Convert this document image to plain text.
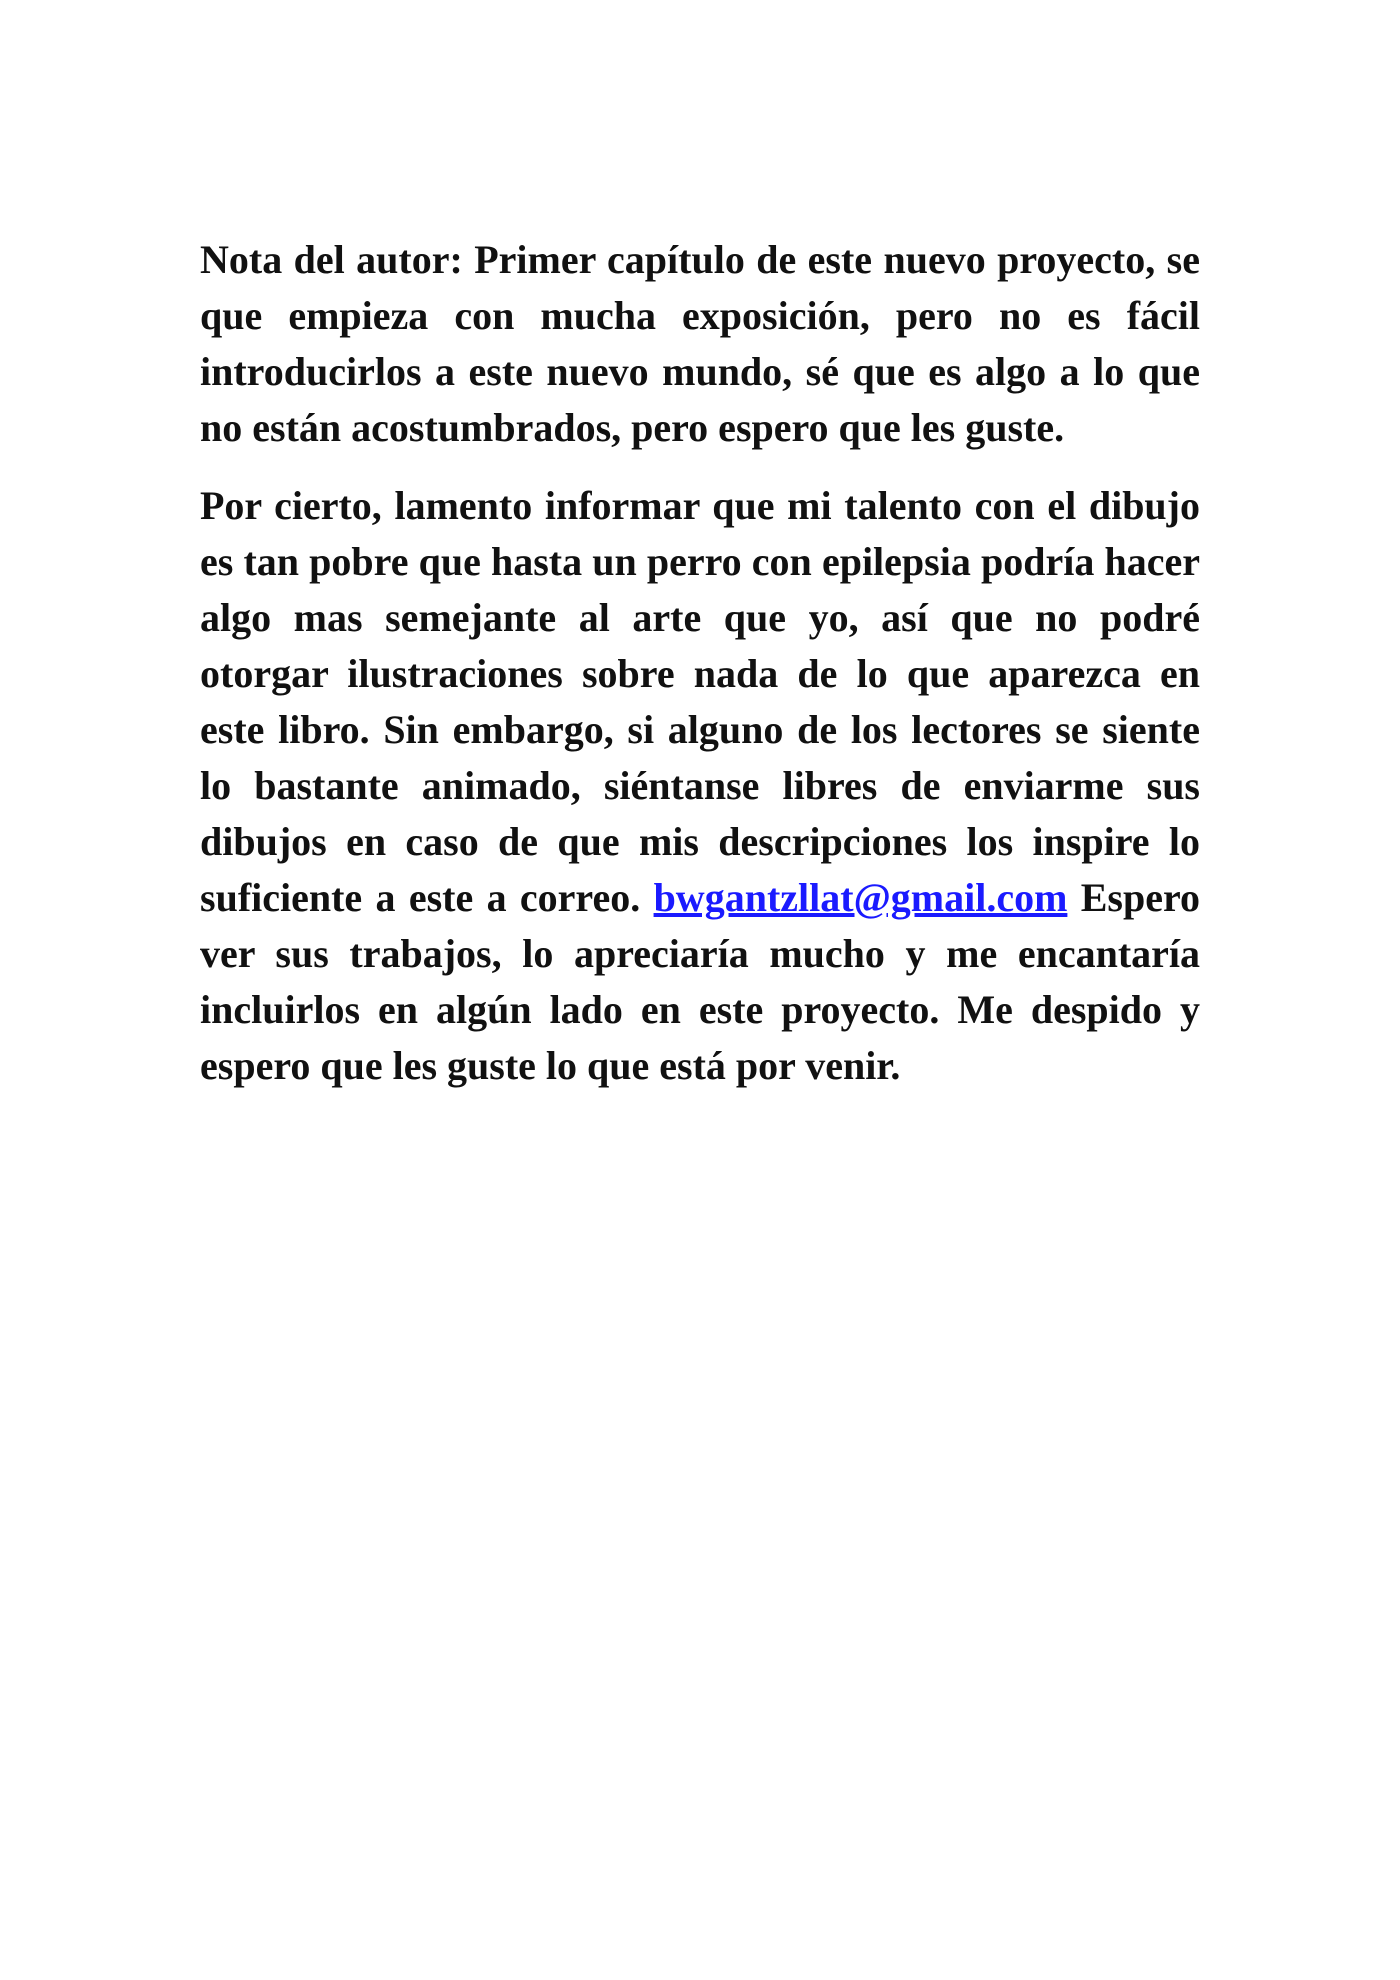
Nota del autor: Primer capítulo de este nuevo proyecto, se que empieza con mucha exposición, pero no es fácil introducirlos a este nuevo mundo, sé que es algo a lo que no están acostumbrados, pero espero que les guste.

Por cierto, lamento informar que mi talento con el dibujo es tan pobre que hasta un perro con epilepsia podría hacer algo mas semejante al arte que yo, así que no podré otorgar ilustraciones sobre nada de lo que aparezca en este libro. Sin embargo, si alguno de los lectores se siente lo bastante animado, siéntanse libres de enviarme sus dibujos en caso de que mis descripciones los inspire lo suficiente a este a correo. bwgantzllat@gmail.com Espero ver sus trabajos, lo apreciaría mucho y me encantaría incluirlos en algún lado en este proyecto. Me despido y espero que les guste lo que está por venir.
